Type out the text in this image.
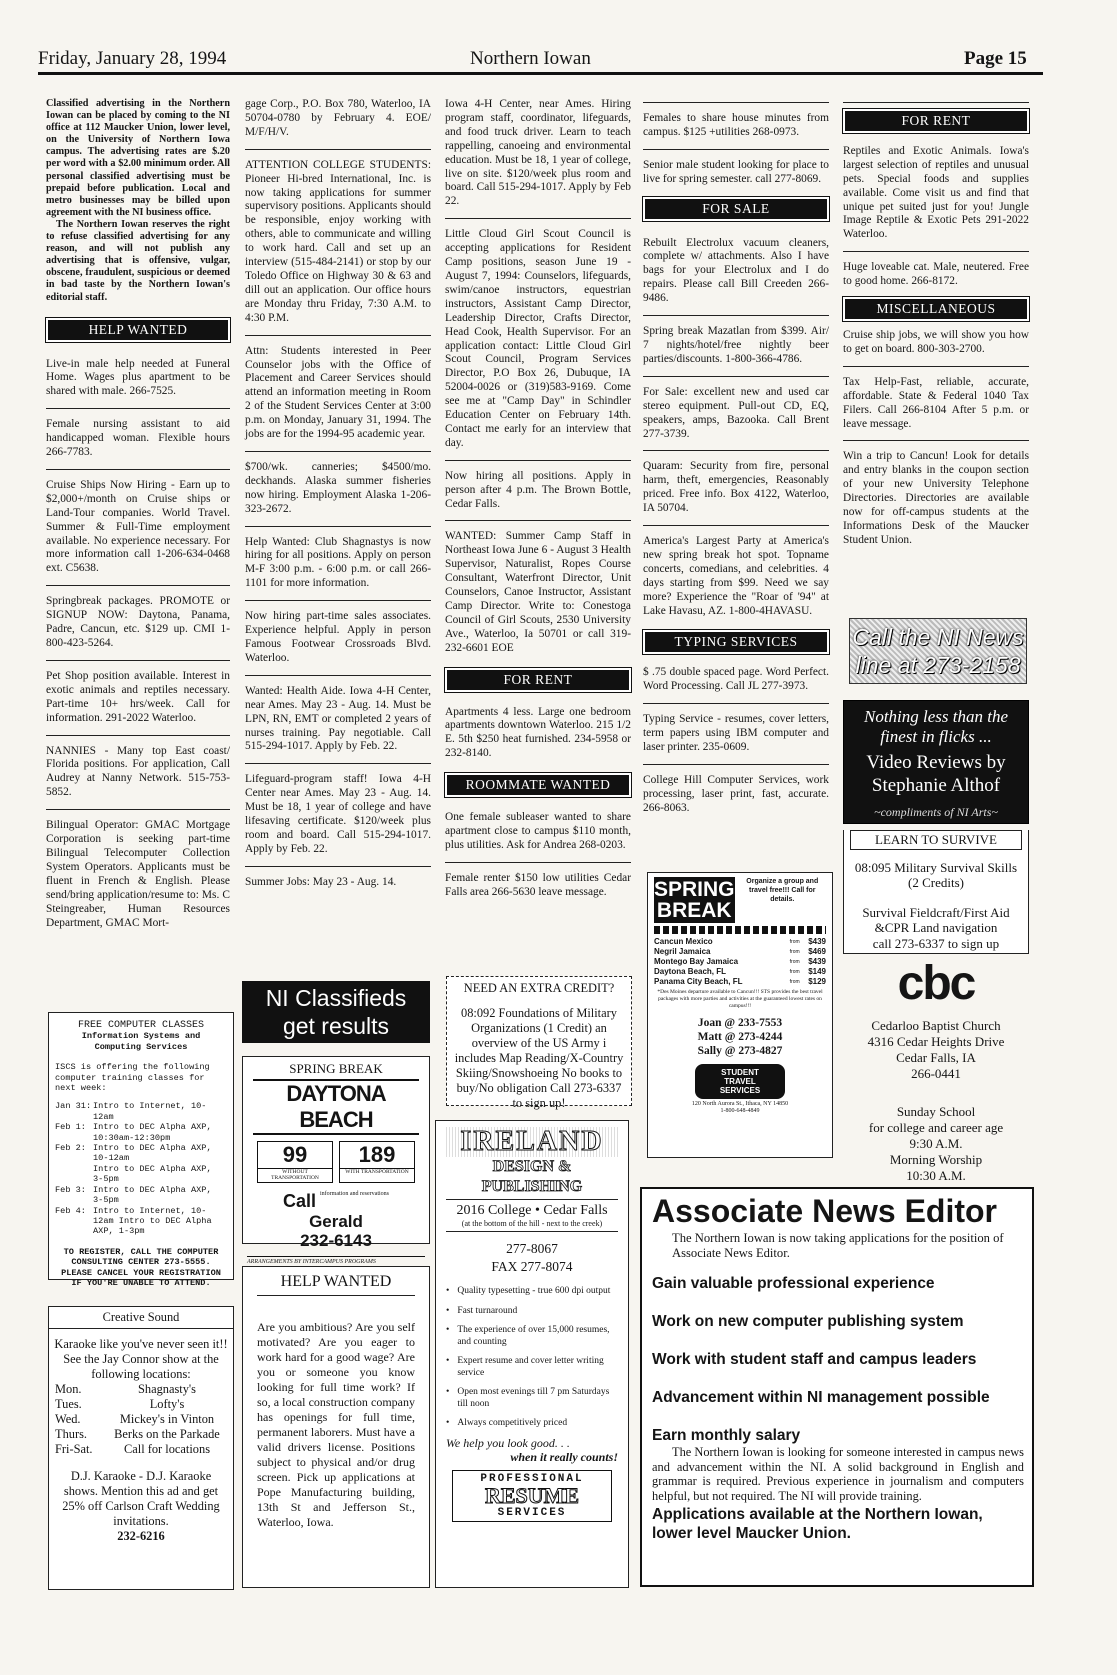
Friday, January 28, 1994	Northern Iowan	Page 15

Classified advertising in the Northern Iowan can be placed by coming to the NI office at 112 Maucker Union, lower level, on the University of Northern Iowa campus. The advertising rates are $.20 per word with a $2.00 minimum order. All personal classified advertising must be prepaid before publication. Local and metro businesses may be billed upon agreement with the NI business office.

The Northern Iowan reserves the right to refuse classified advertising for any reason, and will not publish any advertising that is offensive, vulgar, obscene, fraudulent, suspicious or deemed in bad taste by the Northern Iowan's editorial staff.

HELP WANTED

Live-in male help needed at Funeral Home. Wages plus apartment to be shared with male. 266-7525.

Female nursing assistant to aid handicapped woman. Flexible hours 266-7783.

Cruise Ships Now Hiring - Earn up to $2,000+/month on Cruise ships or Land-Tour companies. World Travel. Summer & Full-Time employment available. No experience necessary. For more information call 1-206-634-0468 ext. C5638.

Springbreak packages. PROMOTE or SIGNUP NOW: Daytona, Panama, Padre, Cancun, etc. $129 up. CMI 1-800-423-5264.

Pet Shop position available. Interest in exotic animals and reptiles necessary. Part-time 10+ hrs/week. Call for information. 291-2022 Waterloo.

NANNIES - Many top East coast/ Florida positions. For application, Call Audrey at Nanny Network. 515-753-5852.

Bilingual Operator: GMAC Mortgage Corporation is seeking part-time Bilingual Telecomputer Collection System Operators. Applicants must be fluent in French & English. Please send/bring application/resume to: Ms. C Steingreaber, Human Resources Department, GMAC Mort-

gage Corp., P.O. Box 780, Waterloo, IA 50704-0780 by February 4. EOE/ M/F/H/V.

ATTENTION COLLEGE STUDENTS: Pioneer Hi-bred International, Inc. is now taking applications for summer supervisory positions. Applicants should be responsible, enjoy working with others, able to communicate and willing to work hard. Call and set up an interview (515-484-2141) or stop by our Toledo Office on Highway 30 & 63 and dill out an application. Our office hours are Monday thru Friday, 7:30 A.M. to 4:30 P.M.

Attn: Students interested in Peer Counselor jobs with the Office of Placement and Career Services should attend an information meeting in Room 2 of the Student Services Center at 3:00 p.m. on Monday, January 31, 1994. The jobs are for the 1994-95 academic year.

$700/wk. canneries; $4500/mo. deckhands. Alaska summer fisheries now hiring. Employment Alaska 1-206-323-2672.

Help Wanted: Club Shagnastys is now hiring for all positions. Apply on person M-F 3:00 p.m. - 6:00 p.m. or call 266-1101 for more information.

Now hiring part-time sales associates. Experience helpful. Apply in person Famous Footwear Crossroads Blvd. Waterloo.

Wanted: Health Aide. Iowa 4-H Center, near Ames. May 23 - Aug. 14. Must be LPN, RN, EMT or completed 2 years of nurses training. Pay negotiable. Call 515-294-1017. Apply by Feb. 22.

Lifeguard-program staff! Iowa 4-H Center near Ames. May 23 - Aug. 14. Must be 18, 1 year of college and have lifesaving certificate. $120/week plus room and board. Call 515-294-1017. Apply by Feb. 22.

Summer Jobs: May 23 - Aug. 14.

Iowa 4-H Center, near Ames. Hiring program staff, coordinator, lifeguards, and food truck driver. Learn to teach rappelling, canoeing and environmental education. Must be 18, 1 year of college, live on site. $120/week plus room and board. Call 515-294-1017. Apply by Feb 22.

Little Cloud Girl Scout Council is accepting applications for Resident Camp positions, season June 19 - August 7, 1994: Counselors, lifeguards, swim/canoe instructors, equestrian instructors, Assistant Camp Director, Leadership Director, Crafts Director, Head Cook, Health Supervisor. For an application contact: Little Cloud Girl Scout Council, Program Services Director, P.O Box 26, Dubuque, IA 52004-0026 or (319)583-9169. Come see me at "Camp Day" in Schindler Education Center on February 14th. Contact me early for an interview that day.

Now hiring all positions. Apply in person after 4 p.m. The Brown Bottle, Cedar Falls.

WANTED: Summer Camp Staff in Northeast Iowa June 6 - August 3 Health Supervisor, Naturalist, Ropes Course Consultant, Waterfront Director, Unit Counselors, Canoe Instructor, Assistant Camp Director. Write to: Conestoga Council of Girl Scouts, 2530 University Ave., Waterloo, Ia 50701 or call 319-232-6601 EOE

FOR RENT

Apartments 4 less. Large one bedroom apartments downtown Waterloo. 215 1/2 E. 5th $250 heat furnished. 234-5958 or 232-8140.

ROOMMATE WANTED

One female subleaser wanted to share apartment close to campus $110 month, plus utilities. Ask for Andrea 268-0203.

Female renter $150 low utilities Cedar Falls area 266-5630 leave message.

Females to share house minutes from campus. $125 +utilities 268-0973.

Senior male student looking for place to live for spring semester. call 277-8069.

FOR SALE

Rebuilt Electrolux vacuum cleaners, complete w/ attachments. Also I have bags for your Electrolux and I do repairs. Please call Bill Creeden 266-9486.

Spring break Mazatlan from $399. Air/ 7 nights/hotel/free nightly beer parties/discounts. 1-800-366-4786.

For Sale: excellent new and used car stereo equipment. Pull-out CD, EQ, speakers, amps, Bazooka. Call Brent 277-3739.

Quaram: Security from fire, personal harm, theft, emergencies, Reasonably priced. Free info. Box 4122, Waterloo, IA 50704.

America's Largest Party at America's new spring break hot spot. Topname concerts, comedians, and celebrities. 4 days starting from $99. Need we say more? Experience the "Roar of '94" at Lake Havasu, AZ. 1-800-4HAVASU.

TYPING SERVICES

$ .75 double spaced page. Word Perfect. Word Processing. Call JL 277-3973.

Typing Service - resumes, cover letters, term papers using IBM computer and laser printer. 235-0609.

College Hill Computer Services, work processing, laser print, fast, accurate. 266-8063.

FOR RENT

Reptiles and Exotic Animals. Iowa's largest selection of reptiles and unusual pets. Special foods and supplies available. Come visit us and find that unique pet suited just for you! Jungle Image Reptile & Exotic Pets 291-2022 Waterloo.

Huge loveable cat. Male, neutered. Free to good home. 266-8172.

MISCELLANEOUS

Cruise ship jobs, we will show you how to get on board. 800-303-2700.

Tax Help-Fast, reliable, accurate, affordable. State & Federal 1040 Tax Filers. Call 266-8104 After 5 p.m. or leave message.

Win a trip to Cancun! Look for details and entry blanks in the coupon section of your new University Telephone Directories. Directories are available now for off-campus students at the Informations Desk of the Maucker Student Union.

Call the NI News
line at 273-2158
Nothing less than the
finest in flicks ...
Video Reviews by
Stephanie Althof
~compliments of NI Arts~
LEARN TO SURVIVE
08:095 Military Survival Skills
(2 Credits)
Survival Fieldcraft/First Aid
&CPR Land navigation
call 273-6337 to sign up
cbc
Cedarloo Baptist Church
4316 Cedar Heights Drive
Cedar Falls, IA
266-0441
Sunday School
for college and career age
9:30 A.M.
Morning Worship
10:30 A.M.
FREE COMPUTER CLASSES
Information Systems and
Computing Services
ISCS is offering the following computer training classes for next week:
Jan 31:	Intro to Internet, 10-12am
Feb 1:	Intro to DEC Alpha AXP, 10:30am-12:30pm
Feb 2:	Intro to DEC Alpha AXP, 10-12am
	Intro to DEC Alpha AXP, 3-5pm
Feb 3:	Intro to DEC Alpha AXP, 3-5pm
Feb 4:	Intro to Internet, 10-12am Intro to DEC Alpha AXP, 1-3pm
TO REGISTER, CALL THE COMPUTER CONSULTING CENTER 273-5555.
PLEASE CANCEL YOUR REGISTRATION IF YOU'RE UNABLE TO ATTEND.
Creative Sound
Karaoke like you've never seen it!!
See the Jay Connor show at the following locations:
Mon.	Shagnasty's
Tues.	Lofty's
Wed.	Mickey's in Vinton
Thurs.	Berks on the Parkade
Fri-Sat.	Call for locations
D.J. Karaoke - D.J. Karaoke shows. Mention this ad and get 25% off Carlson Craft Wedding invitations.
232-6216
NEED AN EXTRA CREDIT?
08:092 Foundations of Military Organizations (1 Credit) an overview of the US Army i includes Map Reading/X-Country Skiing/Snowshoeing No books to buy/No obligation Call 273-6337 to sign up!
NI Classifieds
get results
SPRING BREAK
DAYTONA BEACH
99
WITHOUT TRANSPORTATION
189
WITH TRANSPORTATION
Call information and reservations
Gerald
232-6143
ARRANGEMENTS BY INTERCAMPUS PROGRAMS
HELP WANTED
Are you ambitious? Are you self motivated? Are you eager to work hard for a good wage? Are you or someone you know looking for full time work? If so, a local construction company has openings for full time, permanent laborers. Must have a valid drivers license. Positions subject to physical and/or drug screen. Pick up applications at Pope Manufacturing building, 13th St and Jefferson St., Waterloo, Iowa.
IRELAND
DESIGN & PUBLISHING
2016 College • Cedar Falls
(at the bottom of the hill - next to the creek)
277-8067
FAX 277-8074
• Quality typesetting - true 600 dpi output
• Fast turnaround
• The experience of over 15,000 resumes, and counting
• Expert resume and cover letter writing service
• Open most evenings till 7 pm Saturdays till noon
• Always competitively priced
We help you look good. . .
when it really counts!
PROFESSIONAL
RESUME
SERVICES
SPRING
BREAK
Organize a group and travel free!!! Call for details.
Cancun Mexico	from	$439
Negril Jamaica	from	$469
Montego Bay Jamaica	from	$439
Daytona Beach, FL	from	$149
Panama City Beach, FL	from	$129
*Des Moines departure available to Cancun!!! STS provides the best travel packages with more parties and activities at the guaranteed lowest rates on campus!!!
Joan @ 233-7553
Matt @ 273-4244
Sally @ 273-4827
STUDENT TRAVEL SERVICES
120 North Aurora St., Ithaca, NY 14850
1-800-648-4849
Associate News Editor
The Northern Iowan is now taking applications for the position of Associate News Editor.
Gain valuable professional experience
Work on new computer publishing system
Work with student staff and campus leaders
Advancement within NI management possible
Earn monthly salary
The Northern Iowan is looking for someone interested in campus news and advancement within the NI. A solid background in English and grammar is required. Previous experience in journalism and computers helpful, but not required. The NI will provide training.
Applications available at the Northern Iowan, lower level Maucker Union.
